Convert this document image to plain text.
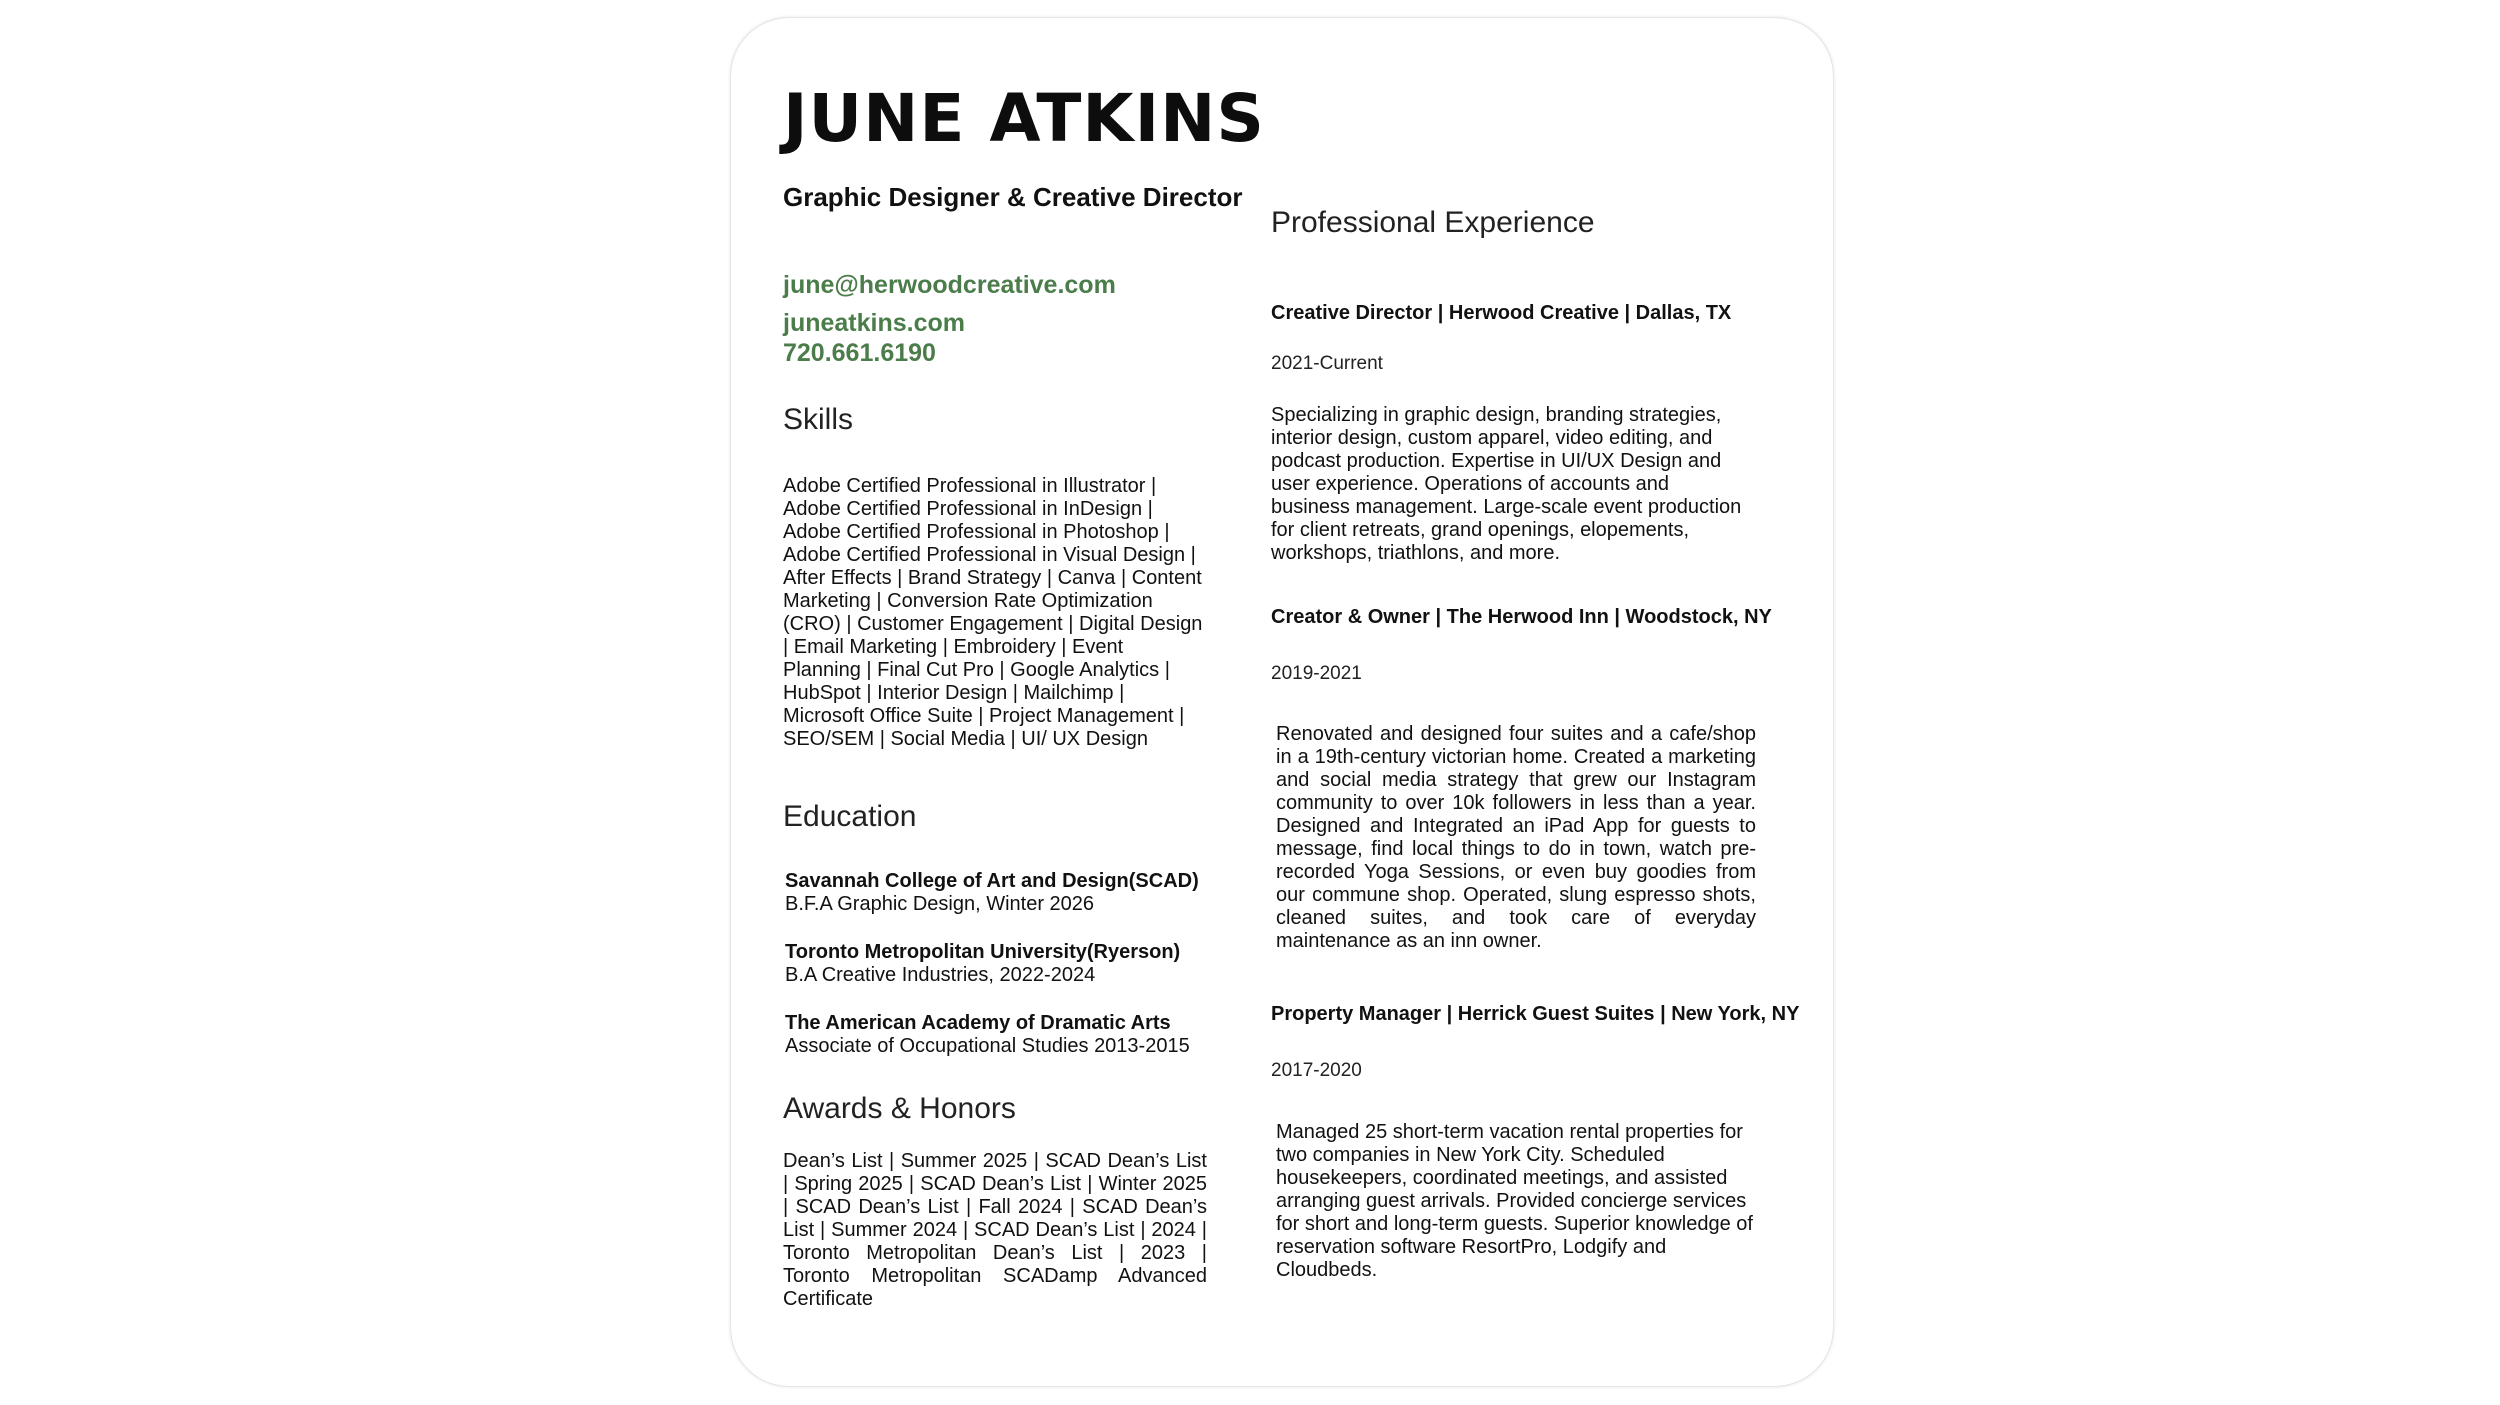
JUNE ATKINS
Graphic Designer & Creative Director
june@herwoodcreative.com
juneatkins.com
720.661.6190
Skills

Adobe Certified Professional in Illustrator | Adobe Certified Professional in InDesign | Adobe Certified Professional in Photoshop | Adobe Certified Professional in Visual Design | After Effects | Brand Strategy | Canva | Content Marketing | Conversion Rate Optimization (CRO) | Customer Engagement | Digital Design | Email Marketing | Embroidery | Event Planning | Final Cut Pro | Google Analytics | HubSpot | Interior Design | Mailchimp | Microsoft Office Suite | Project Management | SEO/SEM | Social Media | UI/ UX Design

Education
Savannah College of Art and Design(SCAD)
B.F.A Graphic Design, Winter 2026
Toronto Metropolitan University(Ryerson)
B.A Creative Industries, 2022-2024
The American Academy of Dramatic Arts
Associate of Occupational Studies 2013-2015
Awards & Honors

Dean’s List | Summer 2025 | SCAD Dean’s List | Spring 2025 | SCAD Dean’s List | Winter 2025 | SCAD Dean’s List | Fall 2024 | SCAD Dean’s List | Summer 2024 | SCAD Dean’s List | 2024 | Toronto Metropolitan Dean’s List | 2023 | Toronto Metropolitan SCADamp Advanced Certificate

Professional Experience
Creative Director | Herwood Creative | Dallas, TX
2021-Current

Specializing in graphic design, branding strategies, interior design, custom apparel, video editing, and podcast production. Expertise in UI/UX Design and user experience. Operations of accounts and business management. Large-scale event production for client retreats, grand openings, elopements, workshops, triathlons, and more.

Creator & Owner | The Herwood Inn | Woodstock, NY
2019-2021

Renovated and designed four suites and a cafe/shop in a 19th-century victorian home. Created a marketing and social media strategy that grew our Instagram community to over 10k followers in less than a year. Designed and Integrated an iPad App for guests to message, find local things to do in town, watch pre- recorded Yoga Sessions, or even buy goodies from our commune shop. Operated, slung espresso shots, cleaned suites, and took care of everyday maintenance as an inn owner.

Property Manager | Herrick Guest Suites | New York, NY
2017-2020

Managed 25 short-term vacation rental properties for two companies in New York City. Scheduled housekeepers, coordinated meetings, and assisted arranging guest arrivals. Provided concierge services for short and long-term guests. Superior knowledge of reservation software ResortPro, Lodgify and Cloudbeds.
